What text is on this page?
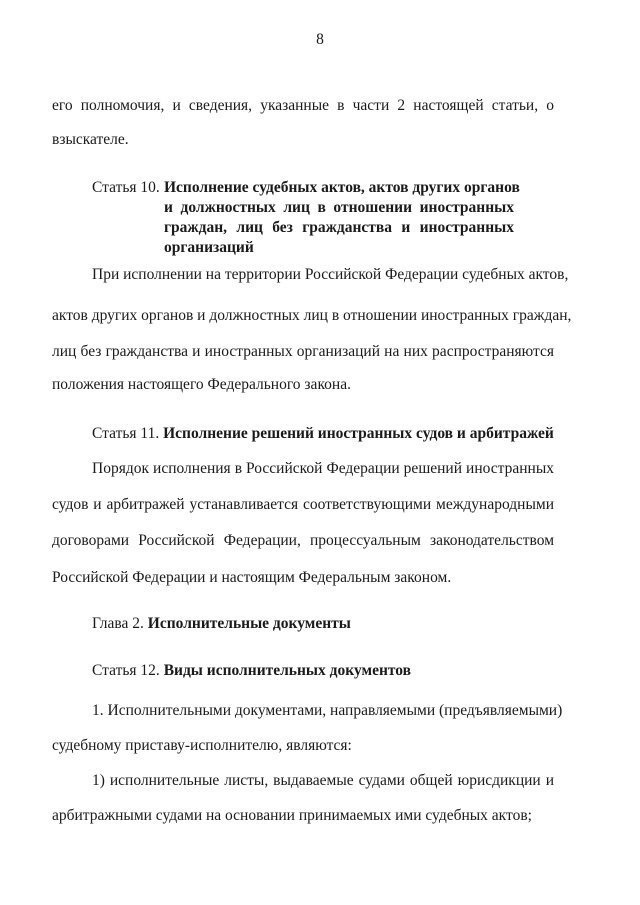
8
его полномочия, и сведения, указанные в части 2 настоящей статьи, о
взыскателе.
Статья 10. Исполнение судебных актов, актов других органов
и должностных лиц в отношении иностранных
граждан, лиц без гражданства и иностранных
организаций
При исполнении на территории Российской Федерации судебных актов,
актов других органов и должностных лиц в отношении иностранных граждан,
лиц без гражданства и иностранных организаций на них распространяются
положения настоящего Федерального закона.
Статья 11. Исполнение решений иностранных судов и арбитражей
Порядок исполнения в Российской Федерации решений иностранных
судов и арбитражей устанавливается соответствующими международными
договорами Российской Федерации, процессуальным законодательством
Российской Федерации и настоящим Федеральным законом.
Глава 2. Исполнительные документы
Статья 12. Виды исполнительных документов
1. Исполнительными документами, направляемыми (предъявляемыми)
судебному приставу-исполнителю, являются:
1) исполнительные листы, выдаваемые судами общей юрисдикции и
арбитражными судами на основании принимаемых ими судебных актов;
